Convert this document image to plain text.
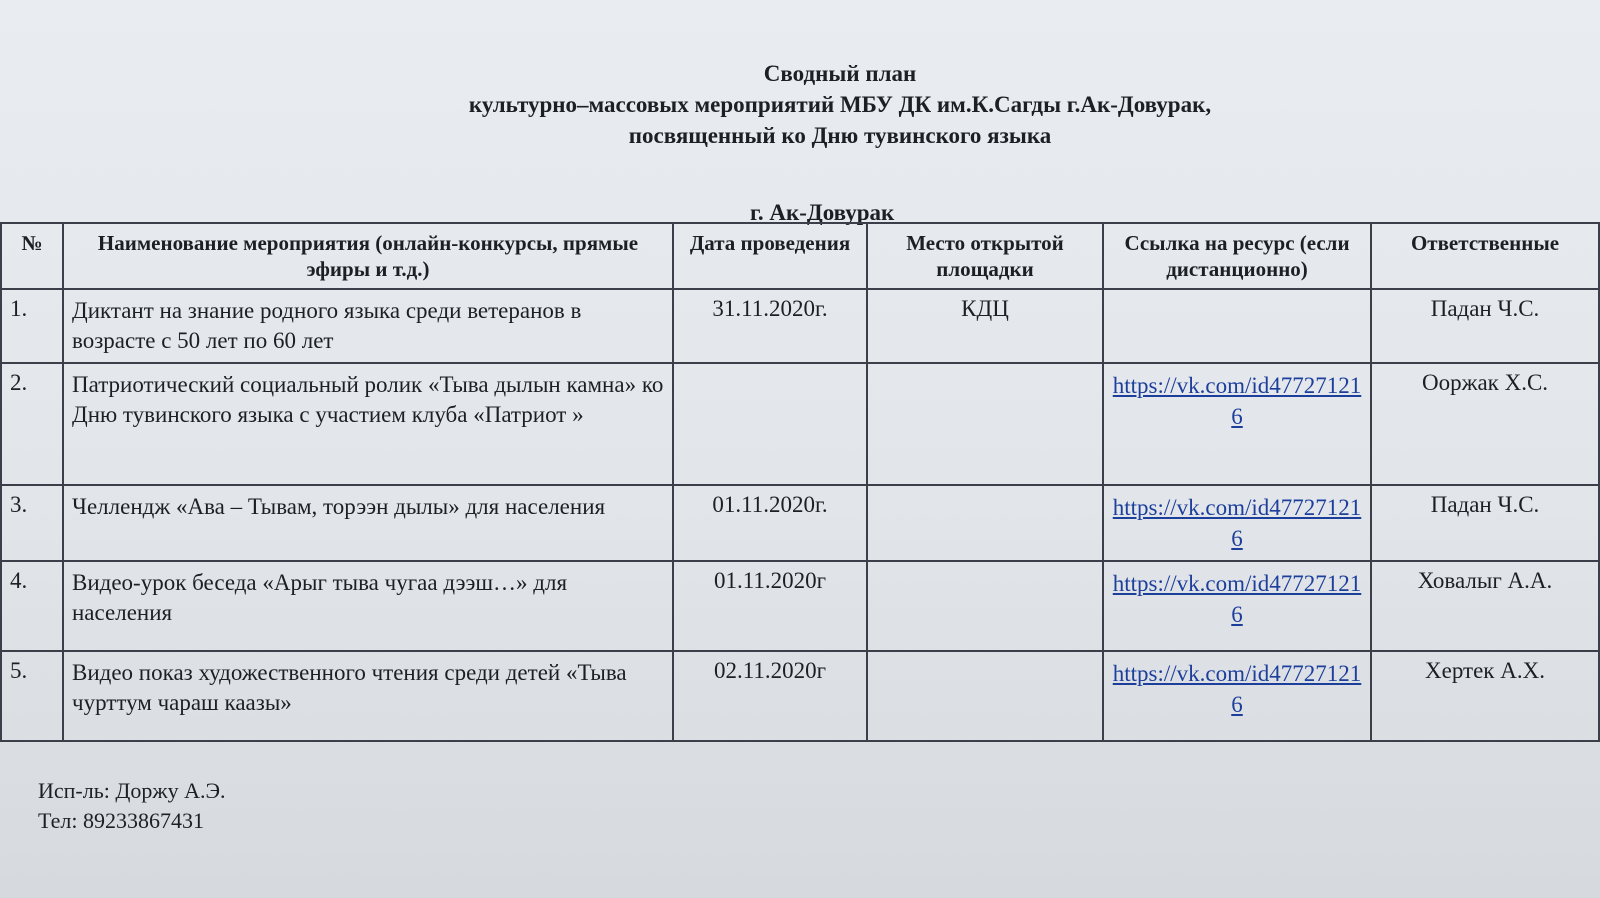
Сводный план
культурно–массовых мероприятий МБУ ДК им.К.Сагды г.Ак-Довурак,
посвященный ко Дню тувинского языка
г. Ак-Довурак
№	Наименование мероприятия (онлайн-конкурсы, прямые эфиры и т.д.)	Дата проведения	Место открытой площадки	Ссылка на ресурс (если дистанционно)	Ответственные
1.	Диктант на знание родного языка среди ветеранов в возрасте с 50 лет по 60 лет	31.11.2020г.	КДЦ		Падан Ч.С.
2.	Патриотический социальный ролик «Тыва дылын камна» ко Дню тувинского языка с участием клуба «Патриот »			https://vk.com/id477271216	Ооржак Х.С.
3.	Челлендж «Ава – Тывам, торээн дылы» для населения	01.11.2020г.		https://vk.com/id477271216	Падан Ч.С.
4.	Видео-урок беседа «Арыг тыва чугаа дээш…» для населения	01.11.2020г		https://vk.com/id477271216	Ховалыг А.А.
5.	Видео показ художественного чтения среди детей «Тыва чурттум чараш каазы»	02.11.2020г		https://vk.com/id477271216	Хертек А.Х.
Исп-ль: Доржу А.Э.
Тел: 89233867431
